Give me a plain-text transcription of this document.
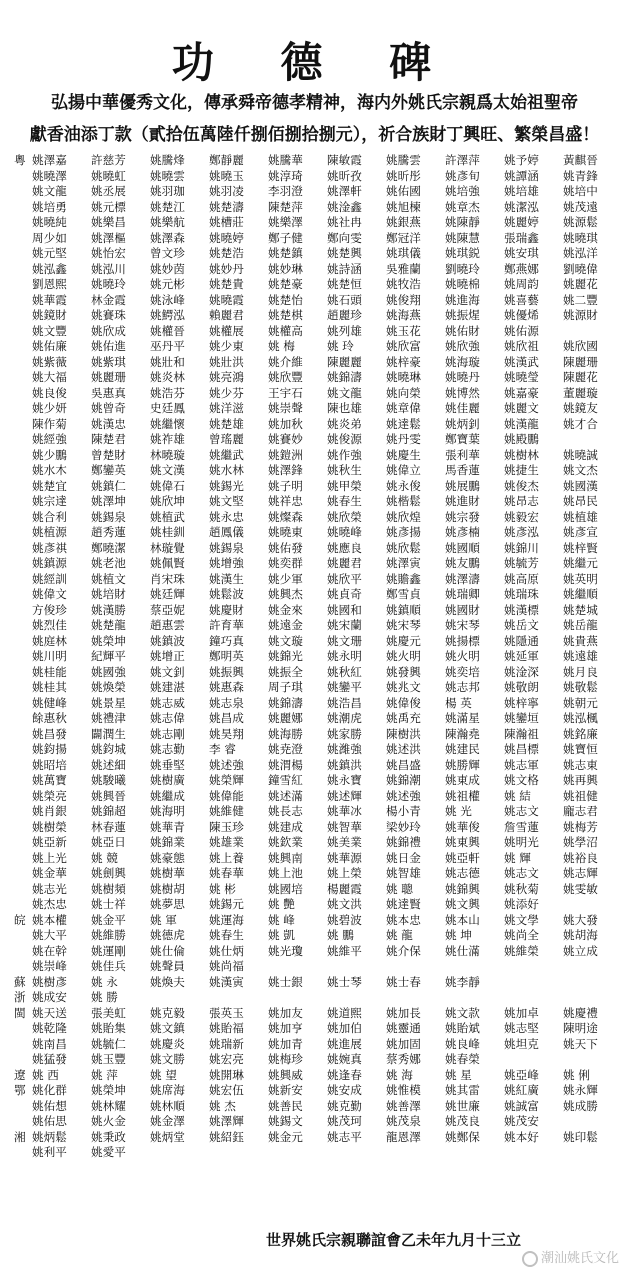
功 德 碑
弘揚中華優秀文化，傳承舜帝德孝精神，海内外姚氏宗親爲太始祖聖帝
獻香油添丁款（貳拾伍萬陸仟捌佰捌拾捌元），祈合族財丁興旺、繁榮昌盛！
粵 姚澤嘉	許慈芳	姚騰烽	鄭靜麗	姚騰華	陳敏霞	姚騰雲	許澤萍	姚予婷	黃麒晉
姚曉澤	姚曉虹	姚曉雲	姚曉玉	姚淳琦	姚昕孜	姚昕彤	姚彥旬	姚譚涵	姚青鋒
姚文龍	姚丞展	姚羽珈	姚羽凌	李羽澄	姚澤軒	姚佑國	姚培強	姚培雄	姚培中
姚培勇	姚元標	姚楚江	姚楚濤	陳楚萍	姚淦鑫	姚旭楝	姚章杰	姚潔泓	姚茂遠
姚曉純	姚樂昌	姚樂航	姚槽莊	姚樂澤	姚社冉	姚銀燕	姚陳靜	姚麗婷	姚源鬆
周少如	姚澤樞	姚澤森	姚曉婷	鄭子健	鄭向雯	鄭冠洋	姚陳慧	張瑞鑫	姚曉琪
姚元堅	姚怡宏	曾文珍	姚楚浩	姚楚鎮	姚楚興	姚琪儀	姚琪鋭	姚安琪	姚泓洋
姚泓鑫	姚泓川	姚妙茵	姚妙丹	姚妙琳	姚詩涵	吳雅蘭	劉曉玲	鄭燕娜	劉曉偉
劉恩熙	姚曉玲	姚元彬	姚楚貴	姚楚豪	姚楚恒	姚牧浩	姚曉棉	姚周韵	姚麗花
姚華霞	林金霞	姚泳峰	姚曉霞	姚楚怡	姚石頭	姚俊翔	姚進海	姚喜藝	姚二豐
姚鏡財	姚賽珠	姚鰐泓	賴麗君	姚楚棋	趙麗珍	姚海燕	姚振煋	姚優烯	姚源財
姚文豐	姚欣成	姚權晉	姚權展	姚權高	姚列雄	姚玉花	姚佑財	姚佑源
姚佑廉	姚佑進	巫丹平	姚少東	姚 梅	姚 玲	姚欣富	姚欣強	姚欣祖	姚欣國
姚紫薇	姚紫琪	姚壯和	姚壯洪	姚介維	陳麗麗	姚梓豪	姚海璇	姚漢武	陳麗珊
姚大福	姚麗珊	姚炎林	姚亮鴻	姚欣豐	姚錦濤	姚曉琳	姚曉丹	姚曉瑩	陳麗花
姚良俊	吳惠真	姚浩芬	姚少芬	王宇石	姚文龍	姚向榮	姚博然	姚嘉豪	董麗璇
姚少妍	姚曾奇	史廷鳳	姚洋滋	姚崇聲	陳也雄	姚章偉	姚佳麗	姚麗文	姚鏡友
陳作菊	姚漢忠	姚繼懷	姚楚雄	姚加秋	姚炎弟	姚達鬆	姚炳釗	姚漢龍	姚才合
姚經強	陳楚君	姚祚雄	曾瑤麗	姚賽妙	姚俊源	姚丹雯	鄭寶葉	姚殿鵬
姚少鵬	曾楚財	林曉璇	姚繼武	姚鎧洲	姚作強	姚慶生	張利華	姚樹林	姚曉誠
姚水木	鄭鑾英	姚文漢	姚水林	姚澤鋒	姚秋生	姚偉立	馬香蓮	姚捷生	姚文杰
姚楚宜	姚鎮仁	姚偉石	姚錫光	姚子明	姚甲榮	姚永俊	姚展鵬	姚俊杰	姚國漢
姚宗達	姚澤坤	姚欣坤	姚文堅	姚祥忠	姚春生	姚楷鬆	姚進財	姚昂志	姚昂民
姚合利	姚錫泉	姚植武	姚永忠	姚燦森	姚欣榮	姚欣煌	姚宗發	姚毅宏	姚植雄
姚植源	趙秀蓮	姚桂釧	趙鳳儀	姚曉東	姚曉峰	姚彥揚	姚彥楠	姚彥泓	姚彥宣
姚彥祺	鄭曉潔	林璇覺	姚錫泉	姚佑發	姚應良	姚欣鬆	姚國順	姚錦川	姚梓賢
姚鎮源	姚老池	姚佩賢	姚增強	姚奕群	姚麗君	姚澤寅	姚友鵬	姚毓芳	姚繼元
姚經訓	姚植文	肖宋珠	姚漢生	姚少軍	姚欣平	姚贍鑫	姚澤濤	姚高原	姚英明
姚偉文	姚培財	姚廷輝	姚鬆波	姚興杰	姚貞奇	鄭雪貞	姚瑞卿	姚瑞珠	姚繼順
方俊珍	姚漢勝	蔡亞妮	姚慶財	姚金來	姚國和	姚鎮順	姚國財	姚漢標	姚楚城
姚烈佳	姚楚龍	趙惠雲	許育華	姚遠金	姚宋蘭	姚宋琴	姚宋琴	姚岳文	姚岳龍
姚庭林	姚榮坤	姚鎮波	鐘巧真	姚文璇	姚文珊	姚慶元	姚揚標	姚隱通	姚貴燕
姚川明	紀輝平	姚增正	鄭明英	姚錦光	姚永明	姚火明	姚火明	姚延軍	姚遠雄
姚桂能	姚國強	姚文釗	姚振興	姚振全	姚秋紅	姚發興	姚奕培	姚淦深	姚月良
姚桂其	姚煥榮	姚建湛	姚惠森	周子琪	姚鑾平	姚兆文	姚志邦	姚敬朗	姚敬鬆
姚健峰	姚景星	姚志威	姚志泉	姚錦濤	姚浩昌	姚偉俊	楊 英	姚梓寧	姚朝元
餘惠秋	姚禮津	姚志偉	姚昌成	姚麗娜	姚潮虎	姚禹充	姚滿星	姚鑾垣	姚泓楓
姚昌發	闢潤生	姚志剛	姚昊翔	姚海勝	姚家勝	陳樹洪	陳瀚堯	陳瀚祖	姚銘廉
姚鈞揚	姚鈞城	姚志勤	李 睿	姚尭澄	姚濰強	姚述洪	姚建民	姚昌標	姚寶恒
姚昭培	姚述細	姚垂堅	姚述強	姚渭楊	姚鎮洪	姚昌盛	姚勝輝	姚志軍	姚志東
姚萬寶	姚駿曦	姚樹廣	姚榮輝	鐘雪紅	姚永寶	姚錦潮	姚東成	姚文格	姚再興
姚榮亮	姚興晉	姚繼成	姚偉能	姚述滿	姚述輝	姚述強	姚祖權	姚 結	姚祖健
姚肖銀	姚錦超	姚海明	姚維健	姚長志	姚華冰	楊小青	姚 光	姚志文	龐志君
姚樹榮	林春蓮	姚華青	陳玉珍	姚建成	姚智華	梁妙玲	姚華俊	詹雪蓮	姚梅芳
姚亞新	姚亞日	姚錦業	姚雄業	姚欽業	姚美業	姚錦禮	姚東興	姚明光	姚學沼
姚上光	姚 競	姚豪態	姚上養	姚興南	姚華源	姚日金	姚亞軒	姚 輝	姚裕良
姚金華	姚劍興	姚樹華	姚春華	姚上池	姚上榮	姚智雄	姚志德	姚志文	姚志輝
姚志光	姚樹頻	姚樹胡	姚 彬	姚國培	楊麗霞	姚 聰	姚錦興	姚秋菊	姚雯敏
姚杰忠	姚士祥	姚夢思	姚錫元	姚 艷	姚文洪	姚達賢	姚文興	姚添好
皖 姚本權	姚金平	姚 軍	姚運海	姚 峰	姚碧波	姚本忠	姚本山	姚文學	姚大發
姚大平	姚維勝	姚德虎	姚春生	姚 凱	姚 鵬	姚 龍	姚 坤	姚尚全	姚胡海
姚在幹	姚運剛	姚仕倫	姚仕炳	姚光瓊	姚維平	姚介保	姚仕滿	姚維榮	姚立成
姚崇峰	姚佳兵	姚聲員	姚尚福
蘇 姚樹彥	姚 永	姚煥夫	姚漢寅	姚士銀	姚士琴	姚士春	姚李靜
浙 姚成安	姚 勝
閩 姚天送	張美虹	姚克毅	張英玉	姚加友	姚道熙	姚加長	姚文款	姚加卓	姚慶禮
姚乾隆	姚貽集	姚文鎮	姚貽福	姚加亨	姚加伯	姚靈通	姚貽斌	姚志堅	陳明途
姚南昌	姚毓仁	姚慶炎	姚瑞新	姚加青	姚進展	姚加固	姚良峰	姚坦克	姚天下
姚猛發	姚玉豐	姚文勝	姚宏亮	姚梅珍	姚婉真	蔡秀娜	姚春榮
遼 姚 西	姚 萍	姚 望	姚開琳	姚興威	姚逢春	姚 海	姚 星	姚亞峰	姚 俐
鄂 姚化群	姚榮坤	姚席海	姚宏伍	姚新安	姚安成	姚惟模	姚其雷	姚紅廣	姚永輝
姚佑想	姚林耀	姚林順	姚 杰	姚善民	姚克勤	姚善澤	姚世廉	姚誠富	姚成勝
姚佑思	姚火金	姚金澤	姚澤輝	姚錫文	姚茂珂	姚茂泉	姚茂良	姚茂安
湘 姚炳鬆	姚秉政	姚炳堂	姚紹鈺	姚金元	姚志平	龍恩澤	姚鄭保	姚本好	姚印鬆
姚利平	姚愛平
世界姚氏宗親聯誼會乙未年九月十三立
潮汕姚氏文化
